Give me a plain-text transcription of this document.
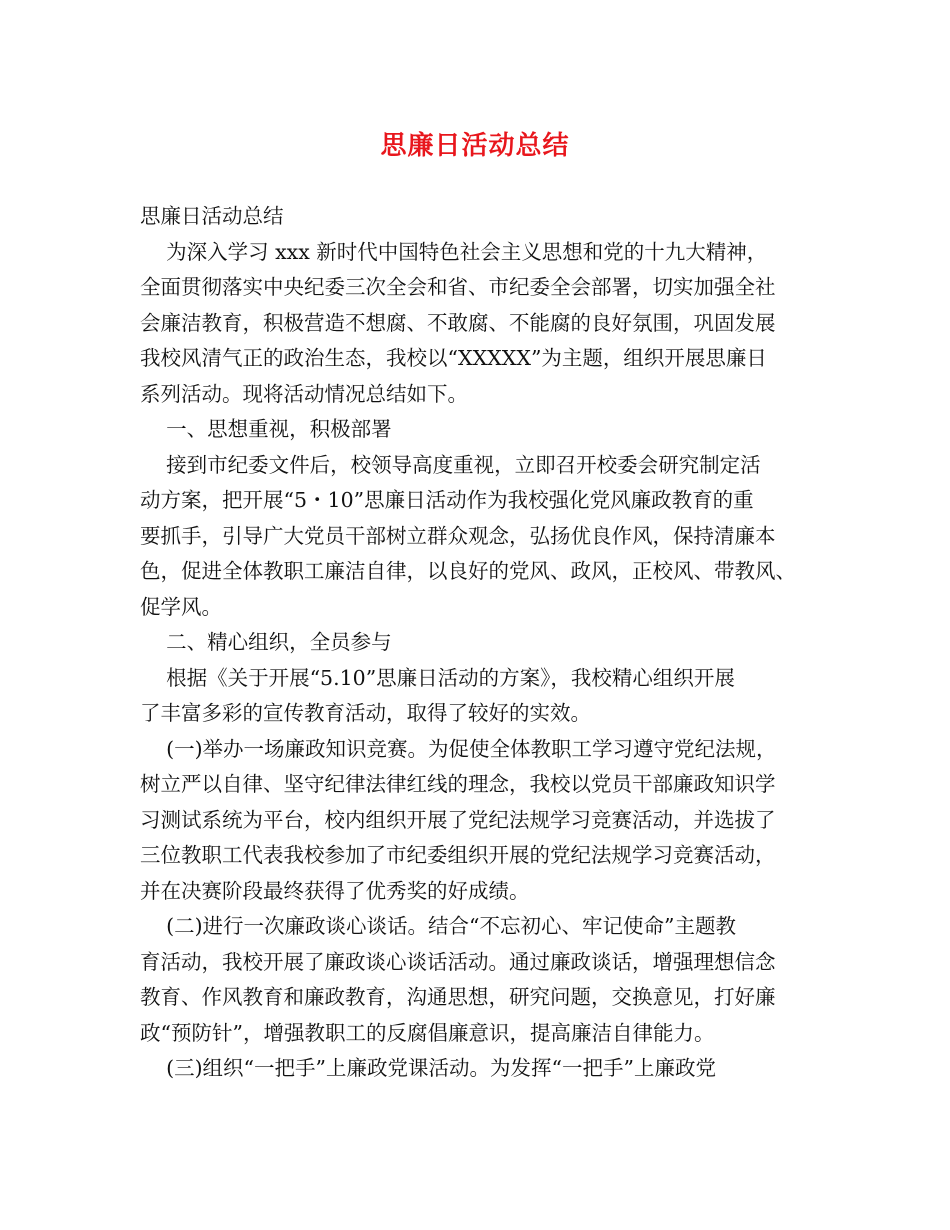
思廉日活动总结
思廉日活动总结
为深入学习 xxx 新时代中国特色社会主义思想和党的十九大精神，
全面贯彻落实中央纪委三次全会和省、市纪委全会部署，切实加强全社
会廉洁教育，积极营造不想腐、不敢腐、不能腐的良好氛围，巩固发展
我校风清气正的政治生态，我校以“XXXXX”为主题，组织开展思廉日
系列活动。现将活动情况总结如下。
一、思想重视，积极部署
接到市纪委文件后，校领导高度重视，立即召开校委会研究制定活
动方案，把开展“5・10”思廉日活动作为我校强化党风廉政教育的重
要抓手，引导广大党员干部树立群众观念，弘扬优良作风，保持清廉本
色，促进全体教职工廉洁自律，以良好的党风、政风，正校风、带教风、
促学风。
二、精心组织，全员参与
根据《关于开展“5.10”思廉日活动的方案》，我校精心组织开展
了丰富多彩的宣传教育活动，取得了较好的实效。
(一)举办一场廉政知识竞赛。为促使全体教职工学习遵守党纪法规，
树立严以自律、坚守纪律法律红线的理念，我校以党员干部廉政知识学
习测试系统为平台，校内组织开展了党纪法规学习竞赛活动，并选拔了
三位教职工代表我校参加了市纪委组织开展的党纪法规学习竞赛活动，
并在决赛阶段最终获得了优秀奖的好成绩。
(二)进行一次廉政谈心谈话。结合“不忘初心、牢记使命”主题教
育活动，我校开展了廉政谈心谈话活动。通过廉政谈话，增强理想信念
教育、作风教育和廉政教育，沟通思想，研究问题，交换意见，打好廉
政“预防针”，增强教职工的反腐倡廉意识，提高廉洁自律能力。
(三)组织“一把手”上廉政党课活动。为发挥“一把手”上廉政党
